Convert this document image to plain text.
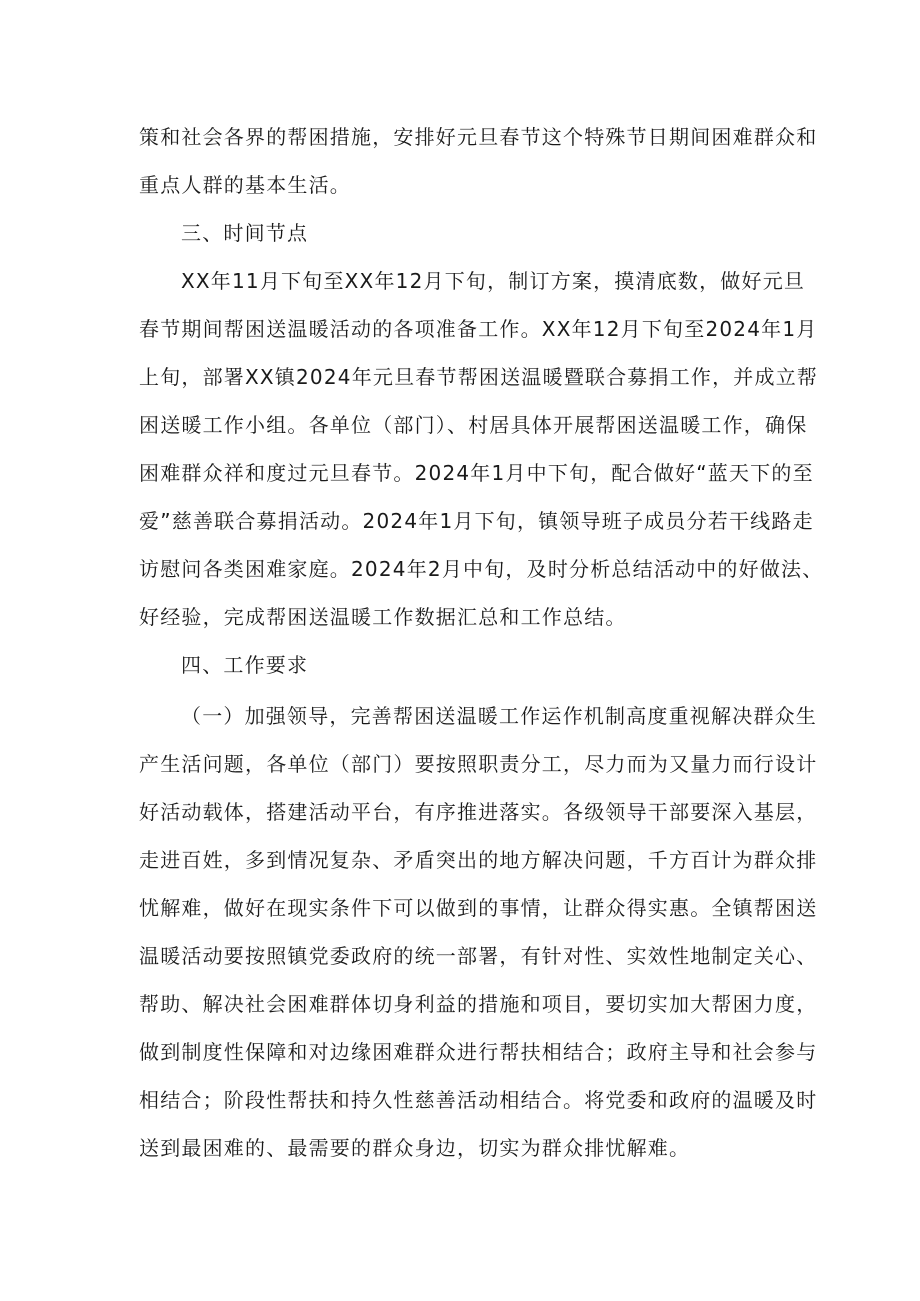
策和社会各界的帮困措施，安排好元旦春节这个特殊节日期间困难群众和
重点人群的基本生活。
三、时间节点
XX年11月下旬至XX年12月下旬，制订方案，摸清底数，做好元旦
春节期间帮困送温暖活动的各项准备工作。XX年12月下旬至2024年1月
上旬，部署XX镇2024年元旦春节帮困送温暖暨联合募捐工作，并成立帮
困送暖工作小组。各单位（部门）、村居具体开展帮困送温暖工作，确保
困难群众祥和度过元旦春节。2024年1月中下旬，配合做好“蓝天下的至
爱”慈善联合募捐活动。2024年1月下旬，镇领导班子成员分若干线路走
访慰问各类困难家庭。2024年2月中旬，及时分析总结活动中的好做法、
好经验，完成帮困送温暖工作数据汇总和工作总结。
四、工作要求
（一）加强领导，完善帮困送温暖工作运作机制高度重视解决群众生
产生活问题，各单位（部门）要按照职责分工，尽力而为又量力而行设计
好活动载体，搭建活动平台，有序推进落实。各级领导干部要深入基层，
走进百姓，多到情况复杂、矛盾突出的地方解决问题，千方百计为群众排
忧解难，做好在现实条件下可以做到的事情，让群众得实惠。全镇帮困送
温暖活动要按照镇党委政府的统一部署，有针对性、实效性地制定关心、
帮助、解决社会困难群体切身利益的措施和项目，要切实加大帮困力度，
做到制度性保障和对边缘困难群众进行帮扶相结合；政府主导和社会参与
相结合；阶段性帮扶和持久性慈善活动相结合。将党委和政府的温暖及时
送到最困难的、最需要的群众身边，切实为群众排忧解难。
